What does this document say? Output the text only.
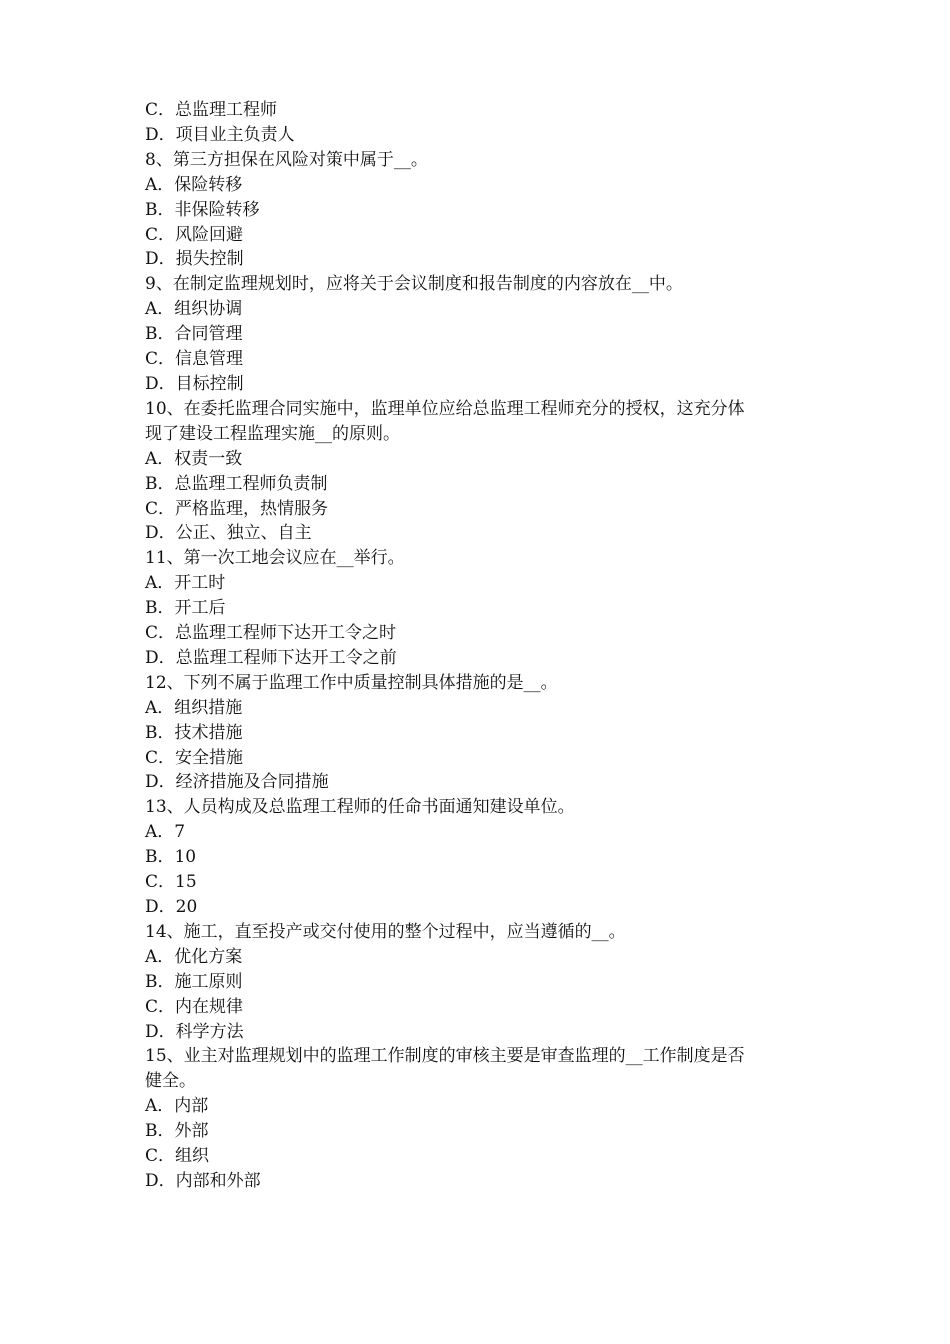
C．总监理工程师
D．项目业主负责人
8、第三方担保在风险对策中属于__。
A．保险转移
B．非保险转移
C．风险回避
D．损失控制
9、在制定监理规划时，应将关于会议制度和报告制度的内容放在__中。
A．组织协调
B．合同管理
C．信息管理
D．目标控制
10、在委托监理合同实施中，监理单位应给总监理工程师充分的授权，这充分体
现了建设工程监理实施__的原则。
A．权责一致
B．总监理工程师负责制
C．严格监理，热情服务
D．公正、独立、自主
11、第一次工地会议应在__举行。
A．开工时
B．开工后
C．总监理工程师下达开工令之时
D．总监理工程师下达开工令之前
12、下列不属于监理工作中质量控制具体措施的是__。
A．组织措施
B．技术措施
C．安全措施
D．经济措施及合同措施
13、人员构成及总监理工程师的任命书面通知建设单位。
A．7
B．10
C．15
D．20
14、施工，直至投产或交付使用的整个过程中，应当遵循的__。
A．优化方案
B．施工原则
C．内在规律
D．科学方法
15、业主对监理规划中的监理工作制度的审核主要是审查监理的__工作制度是否
健全。
A．内部
B．外部
C．组织
D．内部和外部
